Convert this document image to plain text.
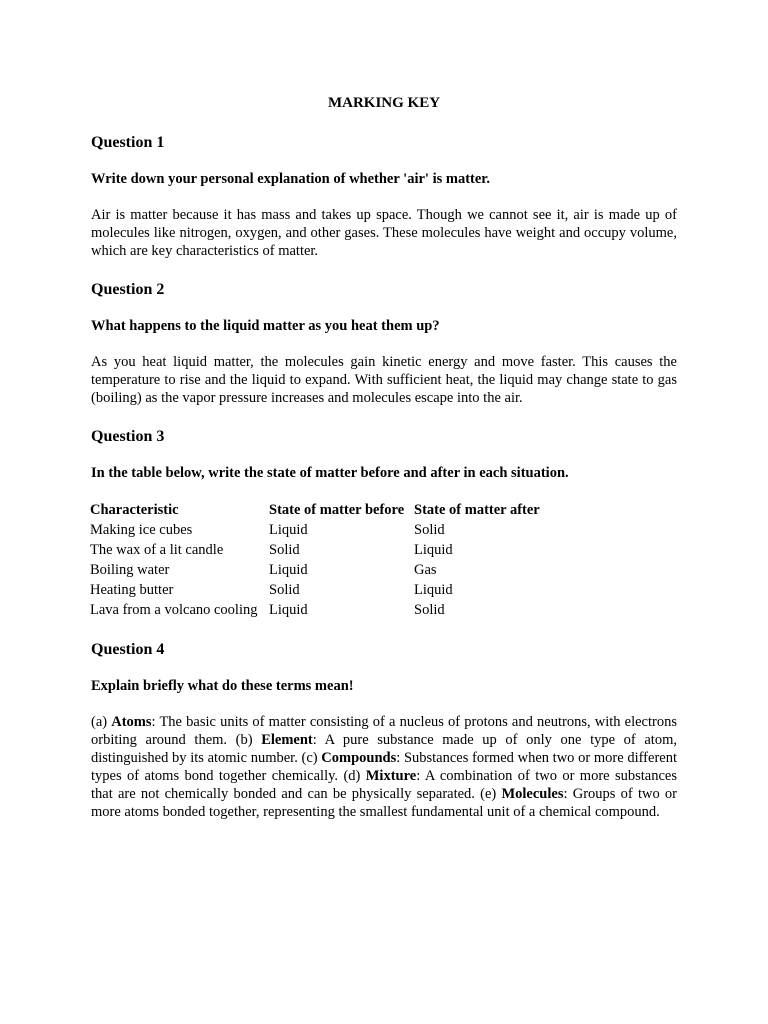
MARKING KEY
Question 1
Write down your personal explanation of whether 'air' is matter.
Air is matter because it has mass and takes up space. Though we cannot see it, air is made up of molecules like nitrogen, oxygen, and other gases. These molecules have weight and occupy volume, which are key characteristics of matter.
Question 2
What happens to the liquid matter as you heat them up?
As you heat liquid matter, the molecules gain kinetic energy and move faster. This causes the temperature to rise and the liquid to expand. With sufficient heat, the liquid may change state to gas (boiling) as the vapor pressure increases and molecules escape into the air.
Question 3
In the table below, write the state of matter before and after in each situation.
Characteristic	State of matter before	State of matter after
Making ice cubes	Liquid	Solid
The wax of a lit candle	Solid	Liquid
Boiling water	Liquid	Gas
Heating butter	Solid	Liquid
Lava from a volcano cooling	Liquid	Solid
Question 4
Explain briefly what do these terms mean!
(a) Atoms: The basic units of matter consisting of a nucleus of protons and neutrons, with electrons orbiting around them. (b) Element: A pure substance made up of only one type of atom, distinguished by its atomic number. (c) Compounds: Substances formed when two or more different types of atoms bond together chemically. (d) Mixture: A combination of two or more substances that are not chemically bonded and can be physically separated. (e) Molecules: Groups of two or more atoms bonded together, representing the smallest fundamental unit of a chemical compound.
